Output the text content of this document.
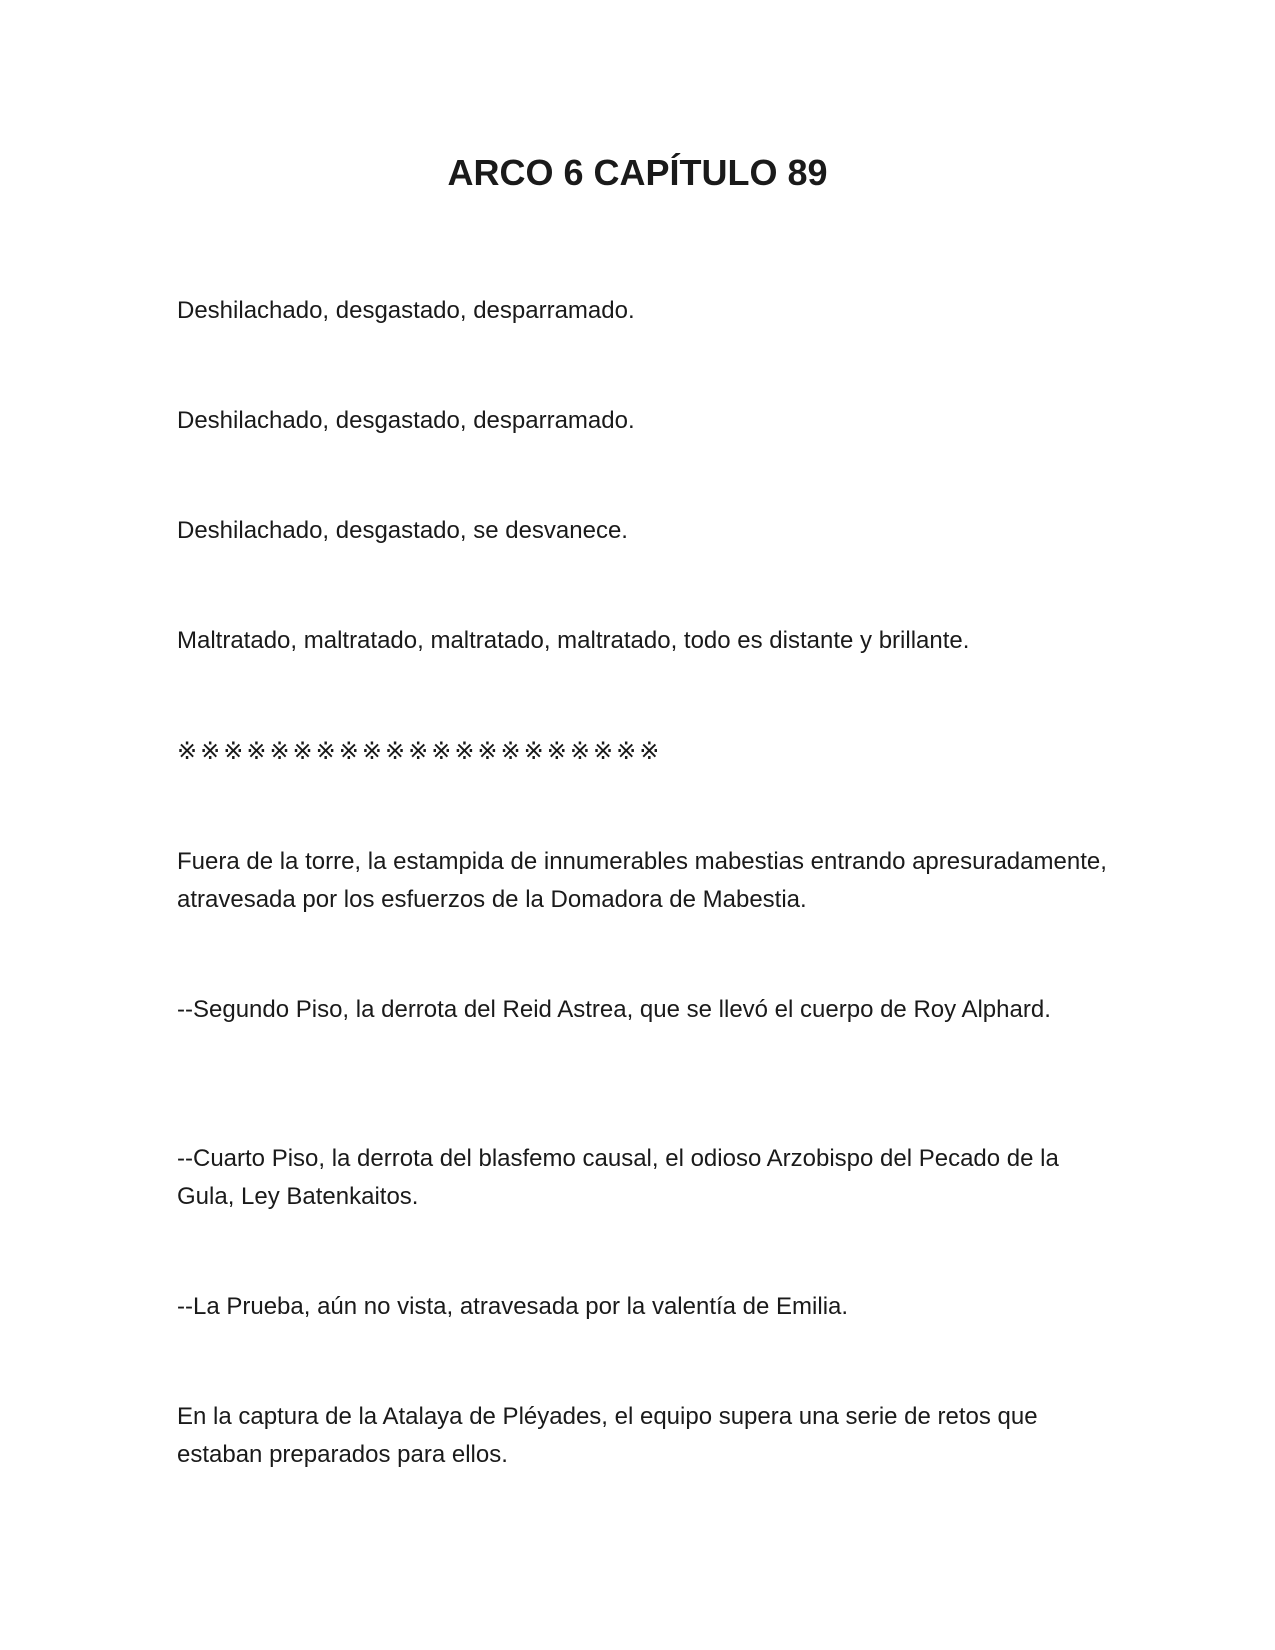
ARCO 6 CAPÍTULO 89

Deshilachado, desgastado, desparramado.

Deshilachado, desgastado, desparramado.

Deshilachado, desgastado, se desvanece.

Maltratado, maltratado, maltratado, maltratado, todo es distante y brillante.

※※※※※※※※※※※※※※※※※※※※※

Fuera de la torre, la estampida de innumerables mabestias entrando apresuradamente, atravesada por los esfuerzos de la Domadora de Mabestia.

--Segundo Piso, la derrota del Reid Astrea, que se llevó el cuerpo de Roy Alphard.

--Cuarto Piso, la derrota del blasfemo causal, el odioso Arzobispo del Pecado de la Gula, Ley Batenkaitos.

--La Prueba, aún no vista, atravesada por la valentía de Emilia.

En la captura de la Atalaya de Pléyades, el equipo supera una serie de retos que estaban preparados para ellos.
